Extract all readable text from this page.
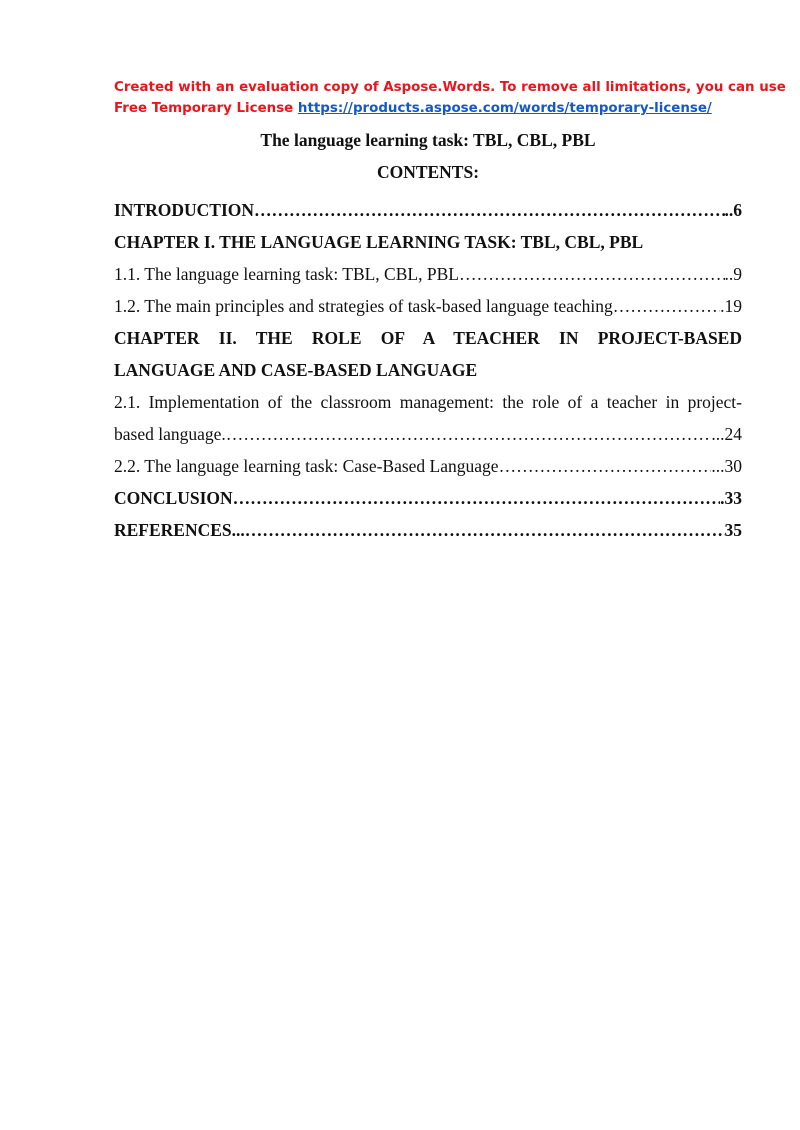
Created with an evaluation copy of Aspose.Words. To remove all limitations, you can use
Free Temporary License https://products.aspose.com/words/temporary-license/
The language learning task: TBL, CBL, PBL
CONTENTS:
INTRODUCTION …………………………………………………………………………………………………………………………………………………	..6
CHAPTER I. THE LANGUAGE LEARNING TASK: TBL, CBL, PBL
1.1. The language learning task: TBL, CBL, PBL …………………………………………………………………………………………………………………………………………………	..9
1.2. The main principles and strategies of task-based language teaching …………………………………………………………………………………………………………………………………………………	.19
CHAPTER II. THE ROLE OF A TEACHER IN PROJECT-BASED
LANGUAGE AND CASE-BASED LANGUAGE
2.1. Implementation of the classroom management: the role of a teacher in project-
based language. …………………………………………………………………………………………………………………………………………………	...24
2.2. The language learning task: Case-Based Language …………………………………………………………………………………………………………………………………………………	...30
CONCLUSION …………………………………………………………………………………………………………………………………………………	.33
REFERENCES... …………………………………………………………………………………………………………………………………………………	35
